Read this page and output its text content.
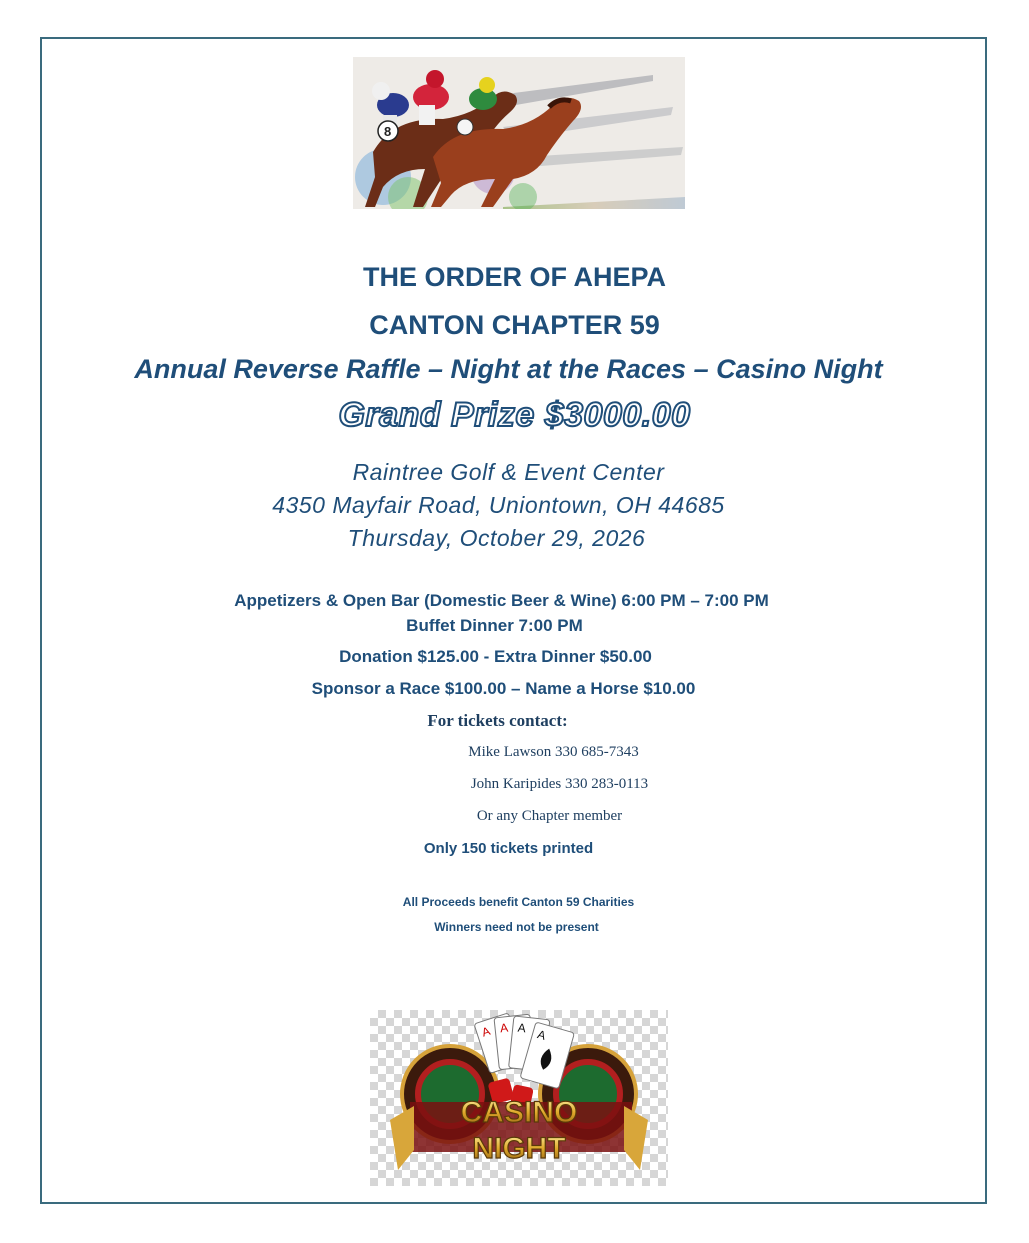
8
THE ORDER OF AHEPA
CANTON CHAPTER 59
Annual Reverse Raffle – Night at the Races – Casino Night
Grand Prize $3000.00
Raintree Golf & Event Center
4350 Mayfair Road, Uniontown, OH 44685
Thursday, October 29, 2026
Appetizers & Open Bar (Domestic Beer & Wine) 6:00 PM – 7:00 PM
Buffet Dinner 7:00 PM
Donation $125.00 - Extra Dinner $50.00
Sponsor a Race $100.00 – Name a Horse $10.00
For tickets contact:
Mike Lawson 330 685-7343
John Karipides 330 283-0113
Or any Chapter member
Only 150 tickets printed
All Proceeds benefit Canton 59 Charities
Winners need not be present
A A A A
CASINO
NIGHT
